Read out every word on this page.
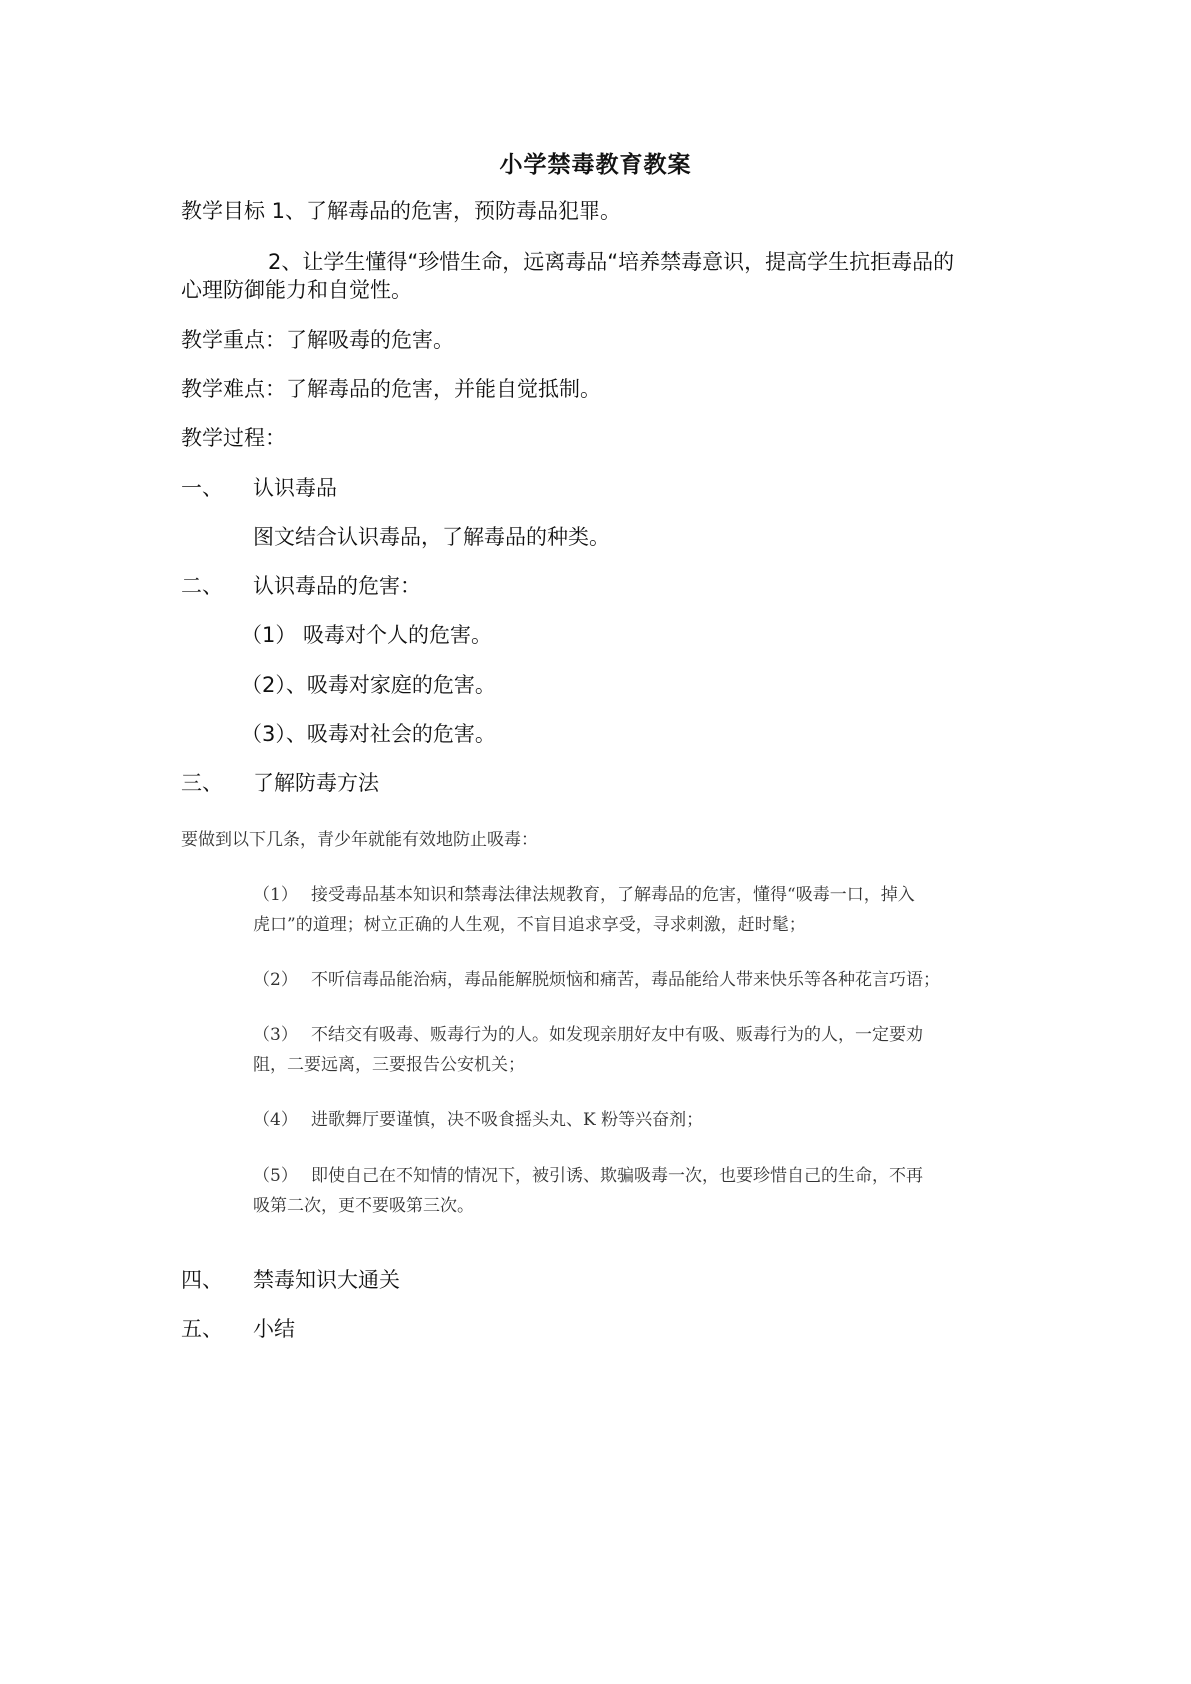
小学禁毒教育教案
教学目标 1、了解毒品的危害，预防毒品犯罪。
2、让学生懂得“珍惜生命，远离毒品“培养禁毒意识，提高学生抗拒毒品的
心理防御能力和自觉性。
教学重点：了解吸毒的危害。
教学难点：了解毒品的危害，并能自觉抵制。
教学过程：
一、 认识毒品
图文结合认识毒品，了解毒品的种类。
二、 认识毒品的危害：
（1） 吸毒对个人的危害。
（2）、吸毒对家庭的危害。
（3）、吸毒对社会的危害。
三、 了解防毒方法
要做到以下几条，青少年就能有效地防止吸毒：
（1） 接受毒品基本知识和禁毒法律法规教育，了解毒品的危害，懂得“吸毒一口，掉入
虎口”的道理；树立正确的人生观，不盲目追求享受，寻求刺激，赶时髦；
（2） 不听信毒品能治病，毒品能解脱烦恼和痛苦，毒品能给人带来快乐等各种花言巧语；
（3） 不结交有吸毒、贩毒行为的人。如发现亲朋好友中有吸、贩毒行为的人，一定要劝
阻，二要远离，三要报告公安机关；
（4） 进歌舞厅要谨慎，决不吸食摇头丸、K 粉等兴奋剂；
（5） 即使自己在不知情的情况下，被引诱、欺骗吸毒一次，也要珍惜自己的生命，不再
吸第二次，更不要吸第三次。
四、 禁毒知识大通关
五、 小结
